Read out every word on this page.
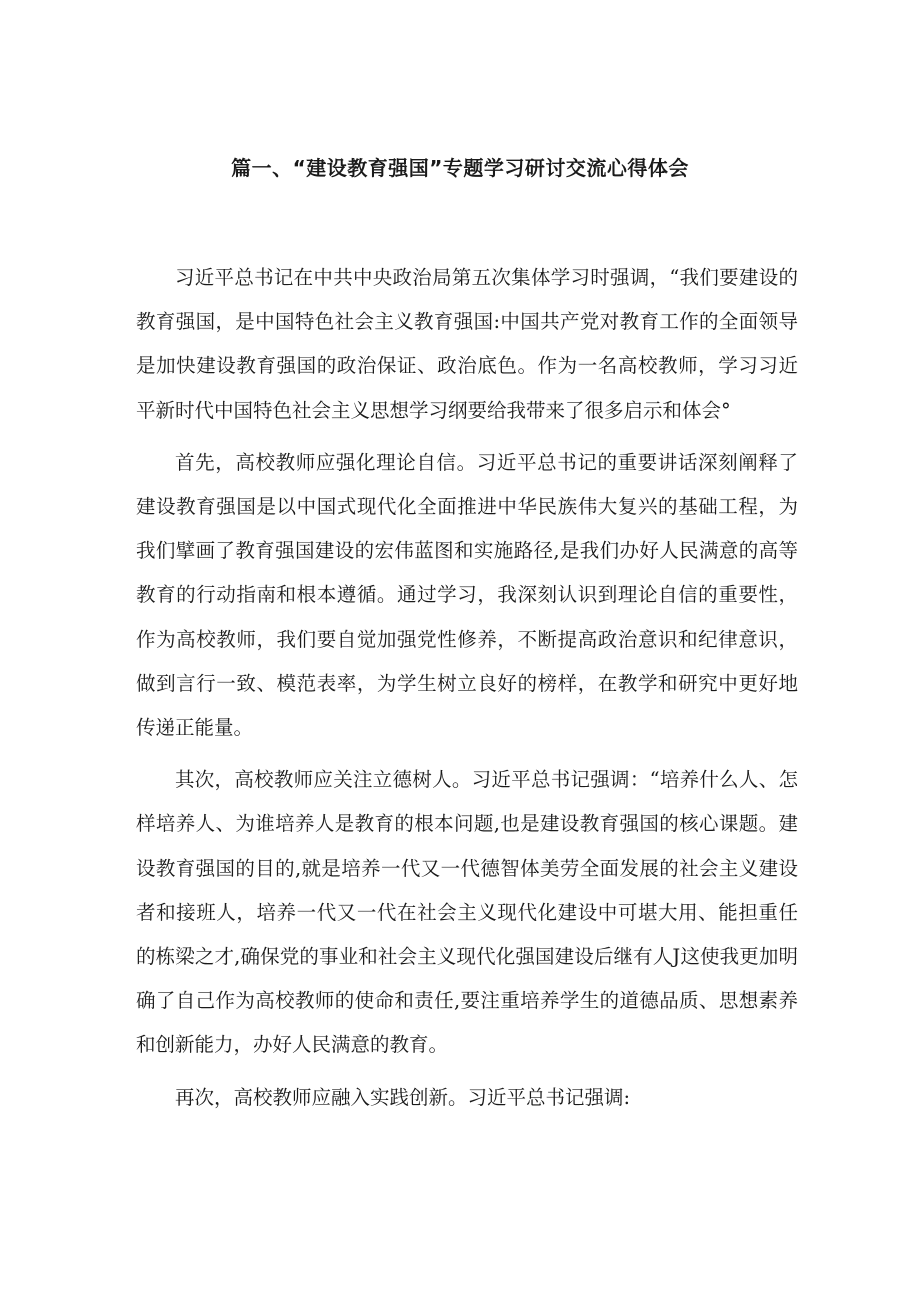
篇一、“建设教育强国”专题学习研讨交流心得体会

习近平总书记在中共中央政治局第五次集体学习时强调，“我们要建设的教育强国，是中国特色社会主义教育强国:中国共产党对教育工作的全面领导是加快建设教育强国的政治保证、政治底色。作为一名高校教师，学习习近平新时代中国特色社会主义思想学习纲要给我带来了很多启示和体会°

首先，高校教师应强化理论自信。习近平总书记的重要讲话深刻阐释了建设教育强国是以中国式现代化全面推进中华民族伟大复兴的基础工程，为我们擘画了教育强国建设的宏伟蓝图和实施路径,是我们办好人民满意的高等教育的行动指南和根本遵循。通过学习，我深刻认识到理论自信的重要性，作为高校教师，我们要自觉加强党性修养，不断提高政治意识和纪律意识，做到言行一致、模范表率，为学生树立良好的榜样，在教学和研究中更好地传递正能量。

其次，高校教师应关注立德树人。习近平总书记强调：“培养什么人、怎样培养人、为谁培养人是教育的根本问题,也是建设教育强国的核心课题。建设教育强国的目的,就是培养一代又一代德智体美劳全面发展的社会主义建设者和接班人，培养一代又一代在社会主义现代化建设中可堪大用、能担重任的栋梁之才,确保党的事业和社会主义现代化强国建设后继有人J这使我更加明确了自己作为高校教师的使命和责任,要注重培养学生的道德品质、思想素养和创新能力，办好人民满意的教育。

再次，高校教师应融入实践创新。习近平总书记强调:
